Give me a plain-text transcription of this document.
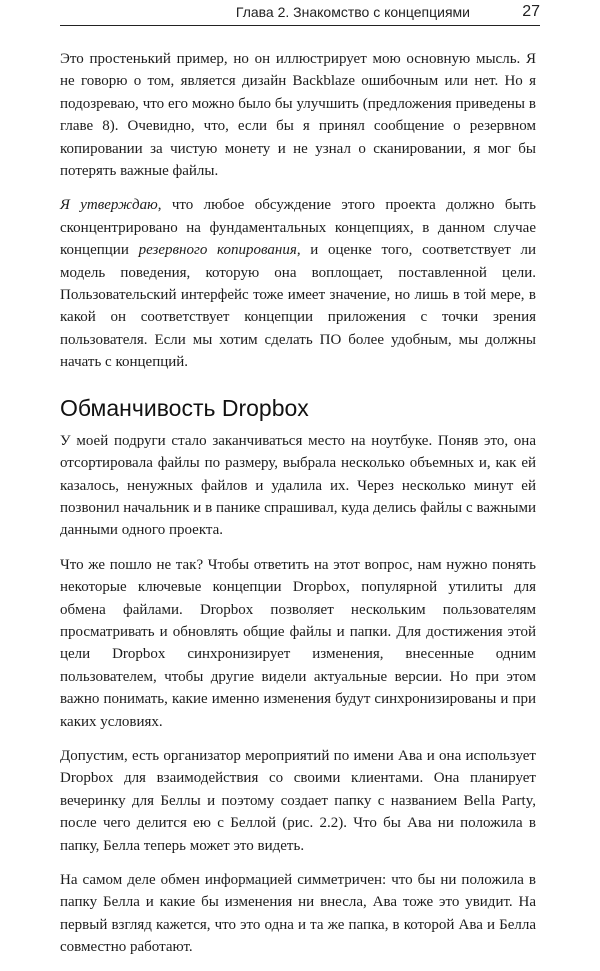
Глава 2. Знакомство с концепциями	27

Это простенький пример, но он иллюстрирует мою основную мысль. Я не говорю о том, является дизайн Backblaze ошибочным или нет. Но я подозреваю, что его можно было бы улучшить (предложения приведены в главе 8). Очевидно, что, если бы я принял сообщение о резервном копировании за чистую монету и не узнал о сканировании, я мог бы потерять важные файлы.

Я утверждаю, что любое обсуждение этого проекта должно быть сконцентрировано на фундаментальных концепциях, в данном случае концепции резервного копирования, и оценке того, соответствует ли модель поведения, которую она воплощает, поставленной цели. Пользовательский интерфейс тоже имеет значение, но лишь в той мере, в какой он соответствует концепции приложения с точки зрения пользователя. Если мы хотим сделать ПО более удобным, мы должны начать с концепций.

Обманчивость Dropbox

У моей подруги стало заканчиваться место на ноутбуке. Поняв это, она отсортировала файлы по размеру, выбрала несколько объемных и, как ей казалось, ненужных файлов и удалила их. Через несколько минут ей позвонил начальник и в панике спрашивал, куда делись файлы с важными данными одного проекта.

Что же пошло не так? Чтобы ответить на этот вопрос, нам нужно понять некоторые ключевые концепции Dropbox, популярной утилиты для обмена файлами. Dropbox позволяет нескольким пользователям просматривать и обновлять общие файлы и папки. Для достижения этой цели Dropbox синхронизирует изменения, внесенные одним пользователем, чтобы другие видели актуальные версии. Но при этом важно понимать, какие именно изменения будут синхронизированы и при каких условиях.

Допустим, есть организатор мероприятий по имени Ава и она использует Dropbox для взаимодействия со своими клиентами. Она планирует вечеринку для Беллы и поэтому создает папку с названием Bella Party, после чего делится ею с Беллой (рис. 2.2). Что бы Ава ни положила в папку, Белла теперь может это видеть.

На самом деле обмен информацией симметричен: что бы ни положила в папку Белла и какие бы изменения ни внесла, Ава тоже это увидит. На первый взгляд кажется, что это одна и та же папка, в которой Ава и Белла совместно работают.
